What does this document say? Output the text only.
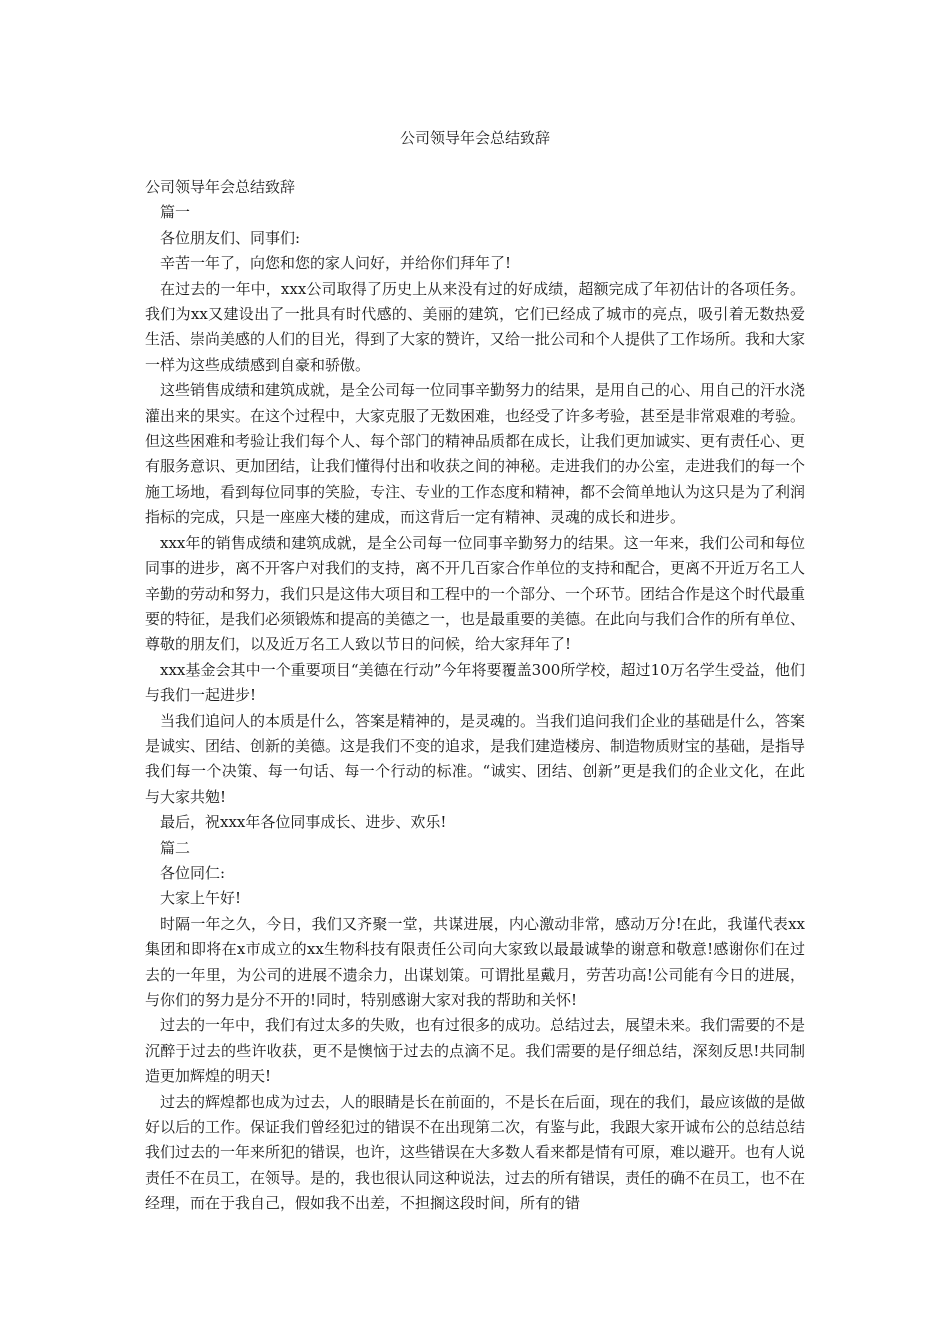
公司领导年会总结致辞

公司领导年会总结致辞

篇一

各位朋友们、同事们:

辛苦一年了，向您和您的家人问好，并给你们拜年了!

在过去的一年中，xxx公司取得了历史上从来没有过的好成绩，超额完成了年初估计的各项任务。我们为xx又建设出了一批具有时代感的、美丽的建筑，它们已经成了城市的亮点，吸引着无数热爱生活、崇尚美感的人们的目光，得到了大家的赞许，又给一批公司和个人提供了工作场所。我和大家一样为这些成绩感到自豪和骄傲。

这些销售成绩和建筑成就，是全公司每一位同事辛勤努力的结果，是用自己的心、用自己的汗水浇灌出来的果实。在这个过程中，大家克服了无数困难，也经受了许多考验，甚至是非常艰难的考验。但这些困难和考验让我们每个人、每个部门的精神品质都在成长，让我们更加诚实、更有责任心、更有服务意识、更加团结，让我们懂得付出和收获之间的神秘。走进我们的办公室，走进我们的每一个施工场地，看到每位同事的笑脸，专注、专业的工作态度和精神，都不会简单地认为这只是为了利润指标的完成，只是一座座大楼的建成，而这背后一定有精神、灵魂的成长和进步。

xxx年的销售成绩和建筑成就，是全公司每一位同事辛勤努力的结果。这一年来，我们公司和每位同事的进步，离不开客户对我们的支持，离不开几百家合作单位的支持和配合，更离不开近万名工人辛勤的劳动和努力，我们只是这伟大项目和工程中的一个部分、一个环节。团结合作是这个时代最重要的特征，是我们必须锻炼和提高的美德之一，也是最重要的美德。在此向与我们合作的所有单位、尊敬的朋友们，以及近万名工人致以节日的问候，给大家拜年了!

xxx基金会其中一个重要项目“美德在行动”今年将要覆盖300所学校，超过10万名学生受益，他们与我们一起进步!

当我们追问人的本质是什么，答案是精神的，是灵魂的。当我们追问我们企业的基础是什么，答案是诚实、团结、创新的美德。这是我们不变的追求，是我们建造楼房、制造物质财宝的基础，是指导我们每一个决策、每一句话、每一个行动的标准。“诚实、团结、创新”更是我们的企业文化，在此与大家共勉!

最后，祝xxx年各位同事成长、进步、欢乐!

篇二

各位同仁:

大家上午好!

时隔一年之久，今日，我们又齐聚一堂，共谋进展，内心激动非常，感动万分!在此，我谨代表xx集团和即将在x市成立的xx生物科技有限责任公司向大家致以最最诚挚的谢意和敬意!感谢你们在过去的一年里，为公司的进展不遗余力，出谋划策。可谓批星戴月，劳苦功高!公司能有今日的进展，与你们的努力是分不开的!同时，特别感谢大家对我的帮助和关怀!

过去的一年中，我们有过太多的失败，也有过很多的成功。总结过去，展望未来。我们需要的不是沉醉于过去的些许收获，更不是懊恼于过去的点滴不足。我们需要的是仔细总结，深刻反思!共同制造更加辉煌的明天!

过去的辉煌都也成为过去，人的眼睛是长在前面的，不是长在后面，现在的我们，最应该做的是做好以后的工作。保证我们曾经犯过的错误不在出现第二次，有鉴与此，我跟大家开诚布公的总结总结我们过去的一年来所犯的错误，也许，这些错误在大多数人看来都是情有可原，难以避开。也有人说责任不在员工，在领导。是的，我也很认同这种说法，过去的所有错误，责任的确不在员工，也不在经理，而在于我自己，假如我不出差，不担搁这段时间，所有的错
